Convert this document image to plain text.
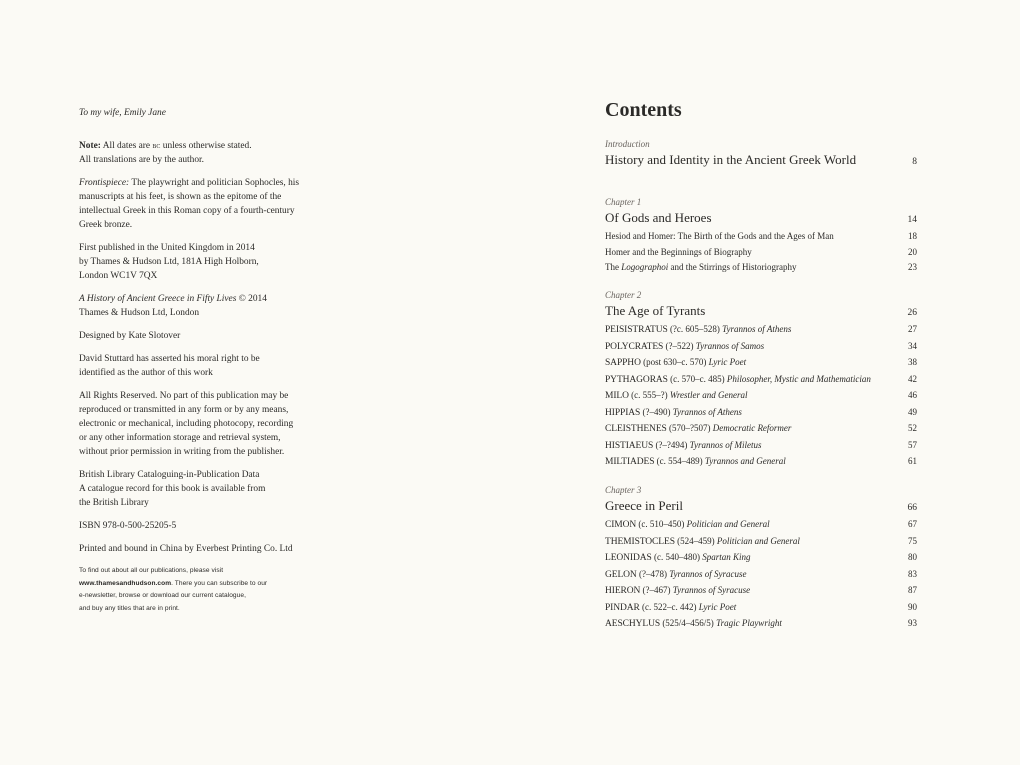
To my wife, Emily Jane

Note: All dates are bc unless otherwise stated.

All translations are by the author.

Frontispiece: The playwright and politician Sophocles, his

manuscripts at his feet, is shown as the epitome of the

intellectual Greek in this Roman copy of a fourth-century

Greek bronze.

First published in the United Kingdom in 2014

by Thames & Hudson Ltd, 181A High Holborn,

London WC1V 7QX

A History of Ancient Greece in Fifty Lives © 2014

Thames & Hudson Ltd, London

Designed by Kate Slotover

David Stuttard has asserted his moral right to be

identified as the author of this work

All Rights Reserved. No part of this publication may be

reproduced or transmitted in any form or by any means,

electronic or mechanical, including photocopy, recording

or any other information storage and retrieval system,

without prior permission in writing from the publisher.

British Library Cataloguing-in-Publication Data

A catalogue record for this book is available from

the British Library

ISBN 978-0-500-25205-5

Printed and bound in China by Everbest Printing Co. Ltd

To find out about all our publications, please visit

www.thamesandhudson.com. There you can subscribe to our

e-newsletter, browse or download our current catalogue,

and buy any titles that are in print.

Contents
Introduction
History and Identity in the Ancient Greek World	8
Chapter 1
Of Gods and Heroes	14
Hesiod and Homer: The Birth of the Gods and the Ages of Man	18
Homer and the Beginnings of Biography	20
The Logographoi and the Stirrings of Historiography	23
Chapter 2
The Age of Tyrants	26
PEISISTRATUS (?c. 605–528) Tyrannos of Athens	27
POLYCRATES (?–522) Tyrannos of Samos	34
SAPPHO (post 630–c. 570) Lyric Poet	38
PYTHAGORAS (c. 570–c. 485) Philosopher, Mystic and Mathematician	42
MILO (c. 555–?) Wrestler and General	46
HIPPIAS (?–490) Tyrannos of Athens	49
CLEISTHENES (570–?507) Democratic Reformer	52
HISTIAEUS (?–?494) Tyrannos of Miletus	57
MILTIADES (c. 554–489) Tyrannos and General	61
Chapter 3
Greece in Peril	66
CIMON (c. 510–450) Politician and General	67
THEMISTOCLES (524–459) Politician and General	75
LEONIDAS (c. 540–480) Spartan King	80
GELON (?–478) Tyrannos of Syracuse	83
HIERON (?–467) Tyrannos of Syracuse	87
PINDAR (c. 522–c. 442) Lyric Poet	90
AESCHYLUS (525/4–456/5) Tragic Playwright	93
